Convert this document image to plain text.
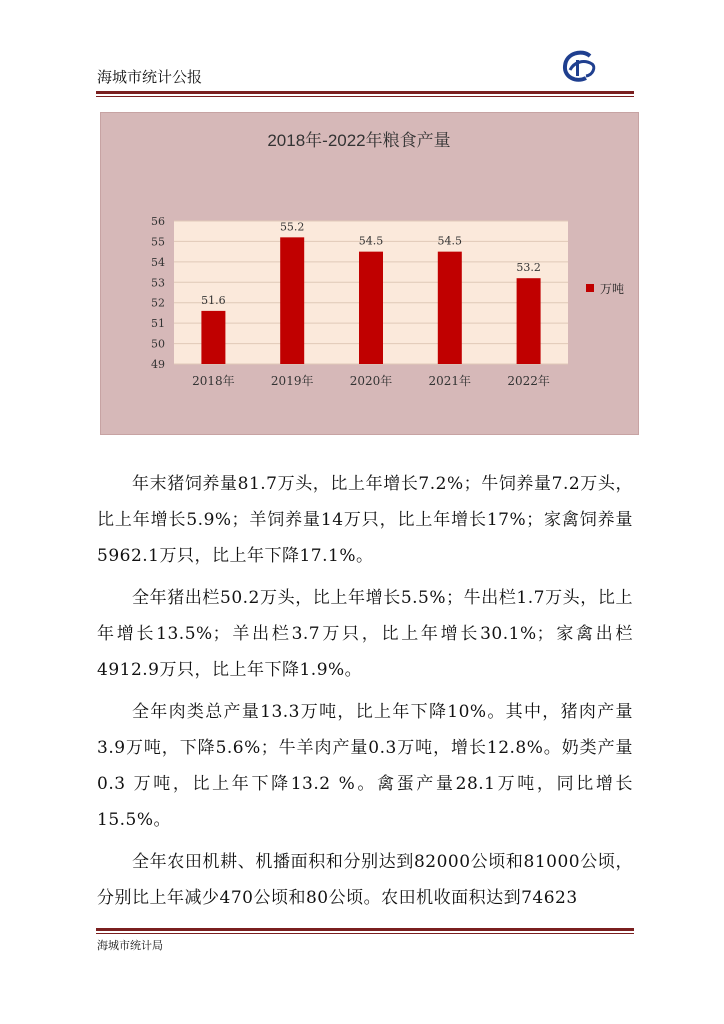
海城市统计公报
2018年-2022年粮食产量
49
50
51
52
53
54
55
56
51.6
55.2
54.5	54.5
53.2
2018年	2019年	2020年	2021年	2022年
万吨
年末猪饲养量81.7万头，比上年增长7.2%；牛饲养量7.2万头，比上年增长5.9%；羊饲养量14万只，比上年增长17%；家禽饲养量5962.1万只，比上年下降17.1%。
全年猪出栏50.2万头，比上年增长5.5%；牛出栏1.7万头，比上年增长13.5%；羊出栏3.7万只，比上年增长30.1%；家禽出栏4912.9万只，比上年下降1.9%。
全年肉类总产量13.3万吨，比上年下降10%。其中，猪肉产量3.9万吨，下降5.6%；牛羊肉产量0.3万吨，增长12.8%。奶类产量0.3 万吨，比上年下降13.2 %。禽蛋产量28.1万吨，同比增长15.5%。
全年农田机耕、机播面积和分别达到82000公顷和81000公顷，分别比上年减少470公顷和80公顷。农田机收面积达到74623
海城市统计局
